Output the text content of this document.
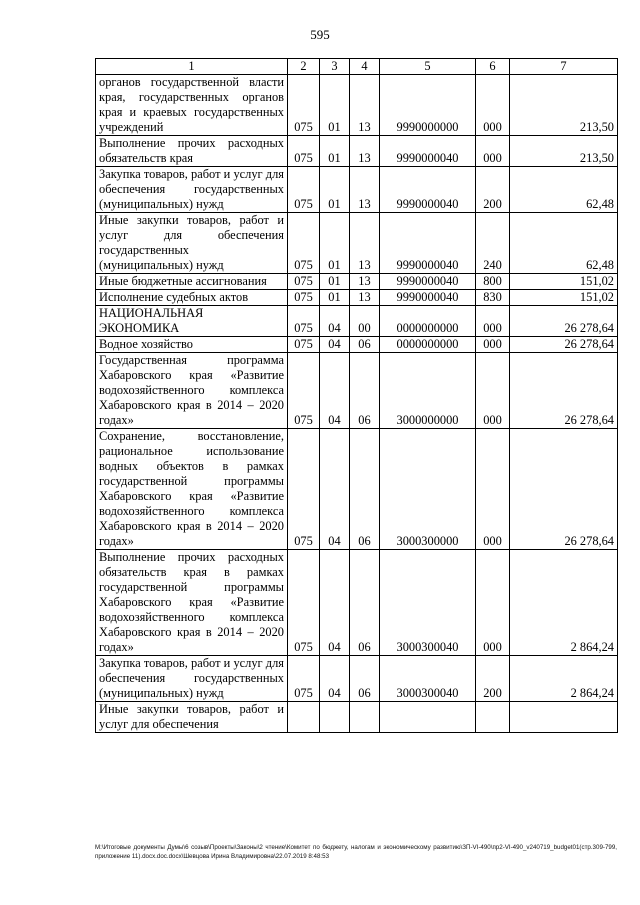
595
1	2	3	4	5	6	7
органов государственной власти края, государственных органов края и краевых государственных учреждений	075	01	13	9990000000	000	213,50
Выполнение прочих расходных обязательств края	075	01	13	9990000040	000	213,50
Закупка товаров, работ и услуг для обеспечения государственных (муниципальных) нужд	075	01	13	9990000040	200	62,48
Иные закупки товаров, работ и услуг для обеспечения государственных (муниципальных) нужд	075	01	13	9990000040	240	62,48
Иные бюджетные ассигнования	075	01	13	9990000040	800	151,02
Исполнение судебных актов	075	01	13	9990000040	830	151,02
НАЦИОНАЛЬНАЯ ЭКОНОМИКА	075	04	00	0000000000	000	26 278,64
Водное хозяйство	075	04	06	0000000000	000	26 278,64
Государственная программа Хабаровского края «Развитие водохозяйственного комплекса Хабаровского края в 2014 – 2020 годах»	075	04	06	3000000000	000	26 278,64
Сохранение, восстановление, рациональное использование водных объектов в рамках государственной программы Хабаровского края «Развитие водохозяйственного комплекса Хабаровского края в 2014 – 2020 годах»	075	04	06	3000300000	000	26 278,64
Выполнение прочих расходных обязательств края в рамках государственной программы Хабаровского края «Развитие водохозяйственного комплекса Хабаровского края в 2014 – 2020 годах»	075	04	06	3000300040	000	2 864,24
Закупка товаров, работ и услуг для обеспечения государственных (муниципальных) нужд	075	04	06	3000300040	200	2 864,24
Иные закупки товаров, работ и услуг для обеспечения						
M:\Итоговые документы Думы\6 созыв\Проекты\Законы\2 чтение\Комитет по бюджету, налогам и экономическому развитию\ЗП-VI-490\пр2-VI-490_v240719_budget01(стр.309-799, приложение 11).docx.doc.docx\Шевцова Ирина Владимировна\22.07.2019 8:48:53
